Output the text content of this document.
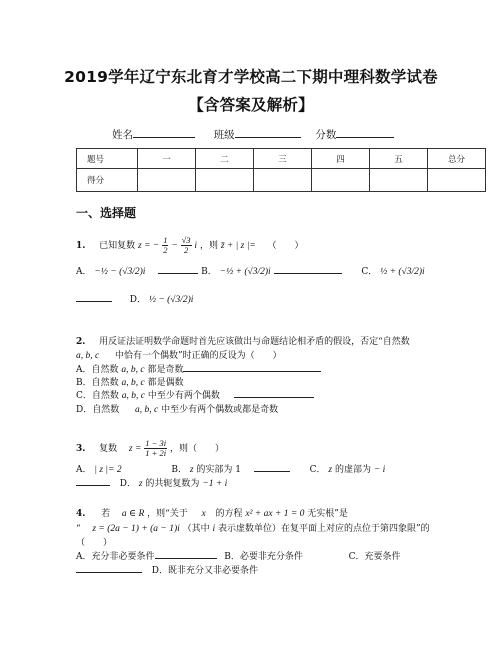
2019学年辽宁东北育才学校高二下期中理科数学试卷
【含答案及解析】
姓名	班级	分数
题号	一	二	三	四	五	总分
得分						
一、选择题
1. 已知复数 z = − $\frac{1}{2} - \frac{√3}{2}$ i ，则 z̄ + | z |= （　　）
A． −½ − (√3/2)i	B． −½ + (√3/2)i	C． ½ + (√3/2)i
D． ½ − (√3/2)i
2. 用反证法证明数学命题时首先应该做出与命题结论相矛盾的假设，否定“自然数
a, b, c 中恰有一个偶数”时正确的反设为（　　）
A．自然数 a, b, c 都是奇数
B．自然数 a, b, c 都是偶数
C．自然数 a, b, c 中至少有两个偶数
D．自然数 a, b, c 中至少有两个偶数或都是奇数
3. 复数 $z = \frac{1 - 3i}{1 + 2i}$ ，则（　　）
A． | z |= 2	B． z 的实部为 1	C． z 的虚部为 − i
D． z 的共轭复数为 −1 + i
4. 若 a ∈ R ，则“关于 x 的方程 x² + ax + 1 = 0 无实根”是
“ z = (2a − 1) + (a − 1)i （其中 i 表示虚数单位）在复平面上对应的点位于第四象限”的
（　　）
A．充分非必要条件	B．必要非充分条件	C．充要条件
D．既非充分又非必要条件
